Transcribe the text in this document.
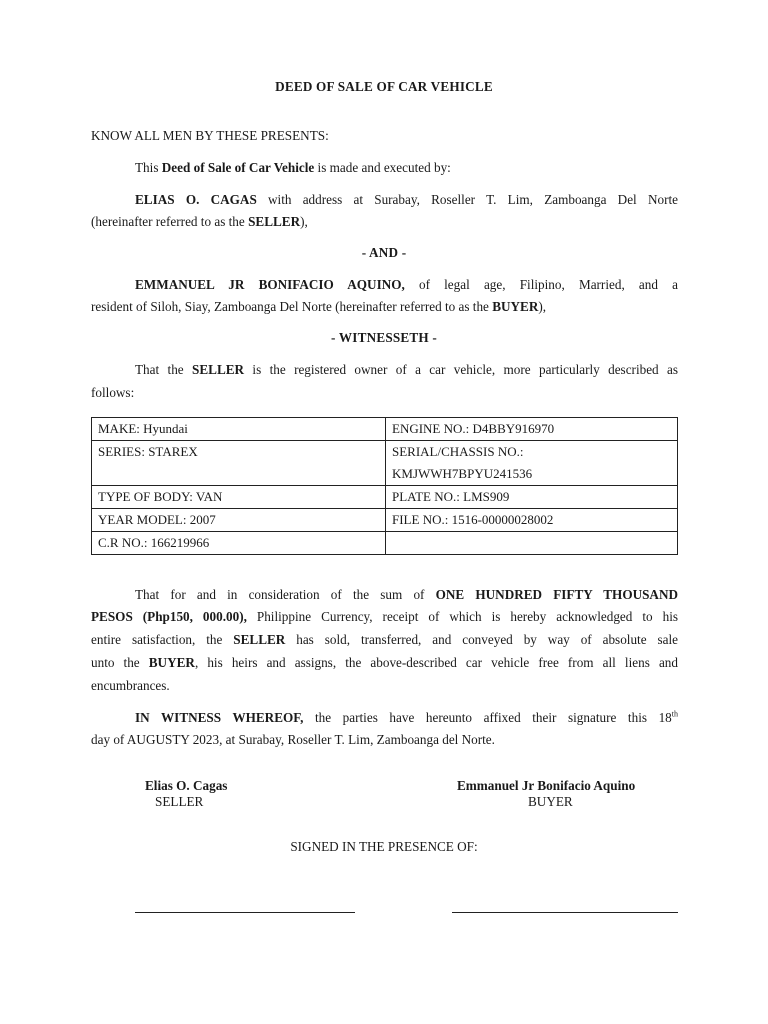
DEED OF SALE OF CAR VEHICLE
KNOW ALL MEN BY THESE PRESENTS:
This Deed of Sale of Car Vehicle is made and executed by:
ELIAS O. CAGAS with address at Surabay, Roseller T. Lim, Zamboanga Del Norte
(hereinafter referred to as the SELLER),
- AND -
EMMANUEL JR BONIFACIO AQUINO, of legal age, Filipino, Married, and a
resident of Siloh, Siay, Zamboanga Del Norte (hereinafter referred to as the BUYER),
- WITNESSETH -
That the SELLER is the registered owner of a car vehicle, more particularly described as
follows:
MAKE: Hyundai	ENGINE NO.: D4BBY916970
SERIES: STAREX	SERIAL/CHASSIS NO.:
KMJWWH7BPYU241536

TYPE OF BODY: VAN	PLATE NO.: LMS909
YEAR MODEL: 2007	FILE NO.: 1516-00000028002
C.R NO.: 166219966	
That for and in consideration of the sum of ONE HUNDRED FIFTY THOUSAND
PESOS (Php150, 000.00), Philippine Currency, receipt of which is hereby acknowledged to his
entire satisfaction, the SELLER has sold, transferred, and conveyed by way of absolute sale
unto the BUYER, his heirs and assigns, the above-described car vehicle free from all liens and
encumbrances.
IN WITNESS WHEREOF, the parties have hereunto affixed their signature this 18th
day of AUGUSTY 2023, at Surabay, Roseller T. Lim, Zamboanga del Norte.
Elias O. Cagas
SELLER
Emmanuel Jr Bonifacio Aquino
BUYER
SIGNED IN THE PRESENCE OF:
